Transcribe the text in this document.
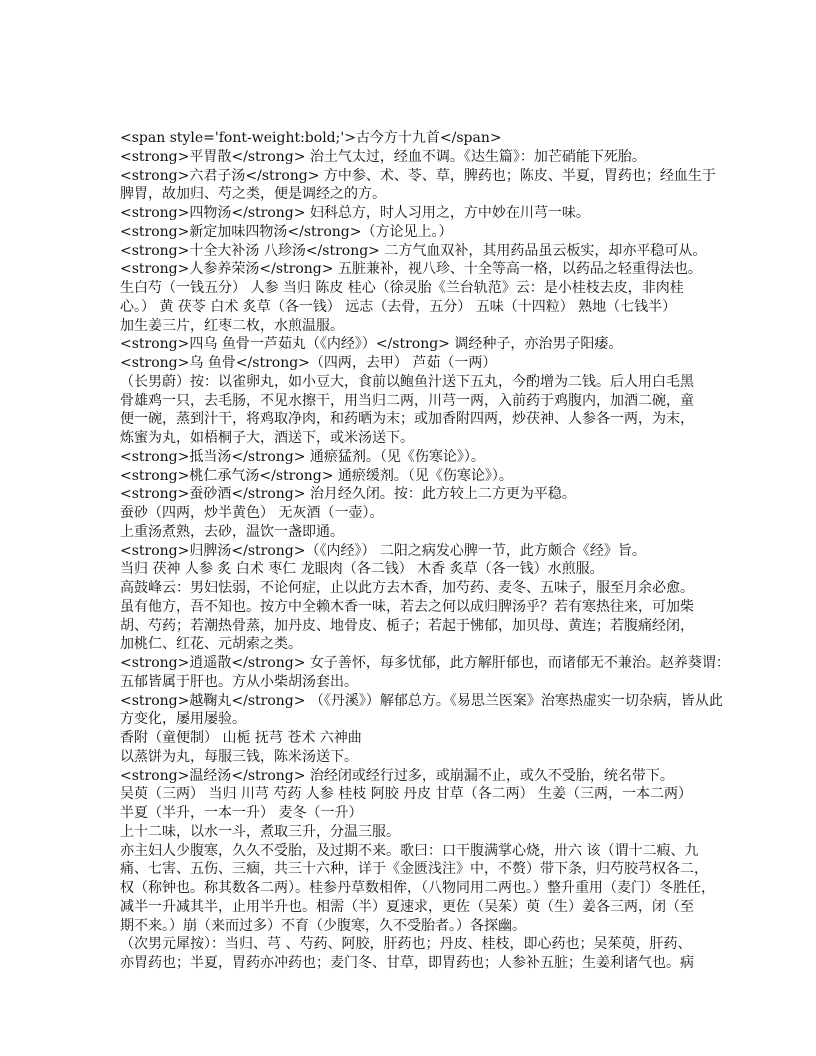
<span style='font-weight:bold;'>古今方十九首</span>
<strong>平胃散</strong> 治土气太过，经血不调。《达生篇》：加芒硝能下死胎。
<strong>六君子汤</strong> 方中参、术、苓、草，脾药也；陈皮、半夏，胃药也；经血生于
脾胃，故加归、芍之类，便是调经之的方。
<strong>四物汤</strong> 妇科总方，时人习用之，方中妙在川芎一味。
<strong>新定加味四物汤</strong>（方论见上。）
<strong>十全大补汤 八珍汤</strong> 二方气血双补，其用药品虽云板实，却亦平稳可从。
<strong>人参养荣汤</strong> 五脏兼补，视八珍、十全等高一格，以药品之轻重得法也。
生白芍（一钱五分） 人参 当归 陈皮 桂心（徐灵胎《兰台轨范》云：是小桂枝去皮，非肉桂
心。） 黄 茯苓 白术 炙草（各一钱） 远志（去骨，五分） 五味（十四粒） 熟地（七钱半）
加生姜三片，红枣二枚，水煎温服。
<strong>四乌 鱼骨一芦茹丸（《内经》）</strong> 调经种子，亦治男子阳痿。
<strong>乌 鱼骨</strong>（四两，去甲） 芦茹（一两）
（长男蔚）按：以雀卵丸，如小豆大，食前以鲍鱼汁送下五丸，今酌增为二钱。后人用白毛黑
骨雄鸡一只，去毛肠，不见水擦干，用当归二两，川芎一两，入前药于鸡腹内，加酒二碗，童
便一碗，蒸到汁干，将鸡取净肉，和药晒为末；或加香附四两，炒茯神、人参各一两，为末，
炼蜜为丸，如梧桐子大，酒送下，或米汤送下。
<strong>抵当汤</strong> 通瘀猛剂。（见《伤寒论》）。
<strong>桃仁承气汤</strong> 通瘀缓剂。（见《伤寒论》）。
<strong>蚕砂酒</strong> 治月经久闭。按：此方较上二方更为平稳。
蚕砂（四两，炒半黄色） 无灰酒（一壶）。
上重汤煮熟，去砂，温饮一盏即通。
<strong>归脾汤</strong>（《内经》） 二阳之病发心脾一节，此方颇合《经》旨。
当归 茯神 人参 炙 白术 枣仁 龙眼肉（各二钱） 木香 炙草（各一钱）水煎服。
高鼓峰云：男妇怯弱，不论何症，止以此方去木香，加芍药、麦冬、五味子，服至月余必愈。
虽有他方，吾不知也。按方中全赖木香一味，若去之何以成归脾汤乎？若有寒热往来，可加柴
胡、芍药；若潮热骨蒸，加丹皮、地骨皮、栀子；若起于怫郁，加贝母、黄连；若腹痛经闭，
加桃仁、红花、元胡索之类。
<strong>逍遥散</strong> 女子善怀，每多忧郁，此方解肝郁也，而诸郁无不兼治。赵养葵谓：
五郁皆属于肝也。方从小柴胡汤套出。
<strong>越鞠丸</strong> （《丹溪》）解郁总方。《易思兰医案》治寒热虚实一切杂病，皆从此
方变化，屡用屡验。
香附（童便制） 山栀 抚芎 苍术 六神曲
以蒸饼为丸，每服三钱，陈米汤送下。
<strong>温经汤</strong> 治经闭或经行过多，或崩漏不止，或久不受胎，统名带下。
吴萸（三两） 当归 川芎 芍药 人参 桂枝 阿胶 丹皮 甘草（各二两） 生姜（三两，一本二两）
半夏（半升，一本一升） 麦冬（一升）
上十二味，以水一斗，煮取三升，分温三服。
亦主妇人少腹寒，久久不受胎，及过期不来。歌曰：口干腹满掌心烧，卅六 该（谓十二瘕、九
痛、七害、五伤、三痼，共三十六种，详于《金匮浅注》中，不赘）带下条，归芍胶芎权各二，
权（称钟也。称其数各二两）。桂参丹草数相侔，（八物同用二两也。）整升重用（麦门）冬胜任，
减半一升减其半，止用半升也。相需（半）夏速求，更佐（吴茱）萸（生）姜各三两，闭（至
期不来。）崩（来而过多）不育（少腹寒，久不受胎者。）各探幽。
（次男元犀按）：当归、芎 、芍药、阿胶，肝药也；丹皮、桂枝，即心药也；吴茱萸，肝药、
亦胃药也；半夏，胃药亦冲药也；麦门冬、甘草，即胃药也；人参补五脏；生姜利诸气也。病
